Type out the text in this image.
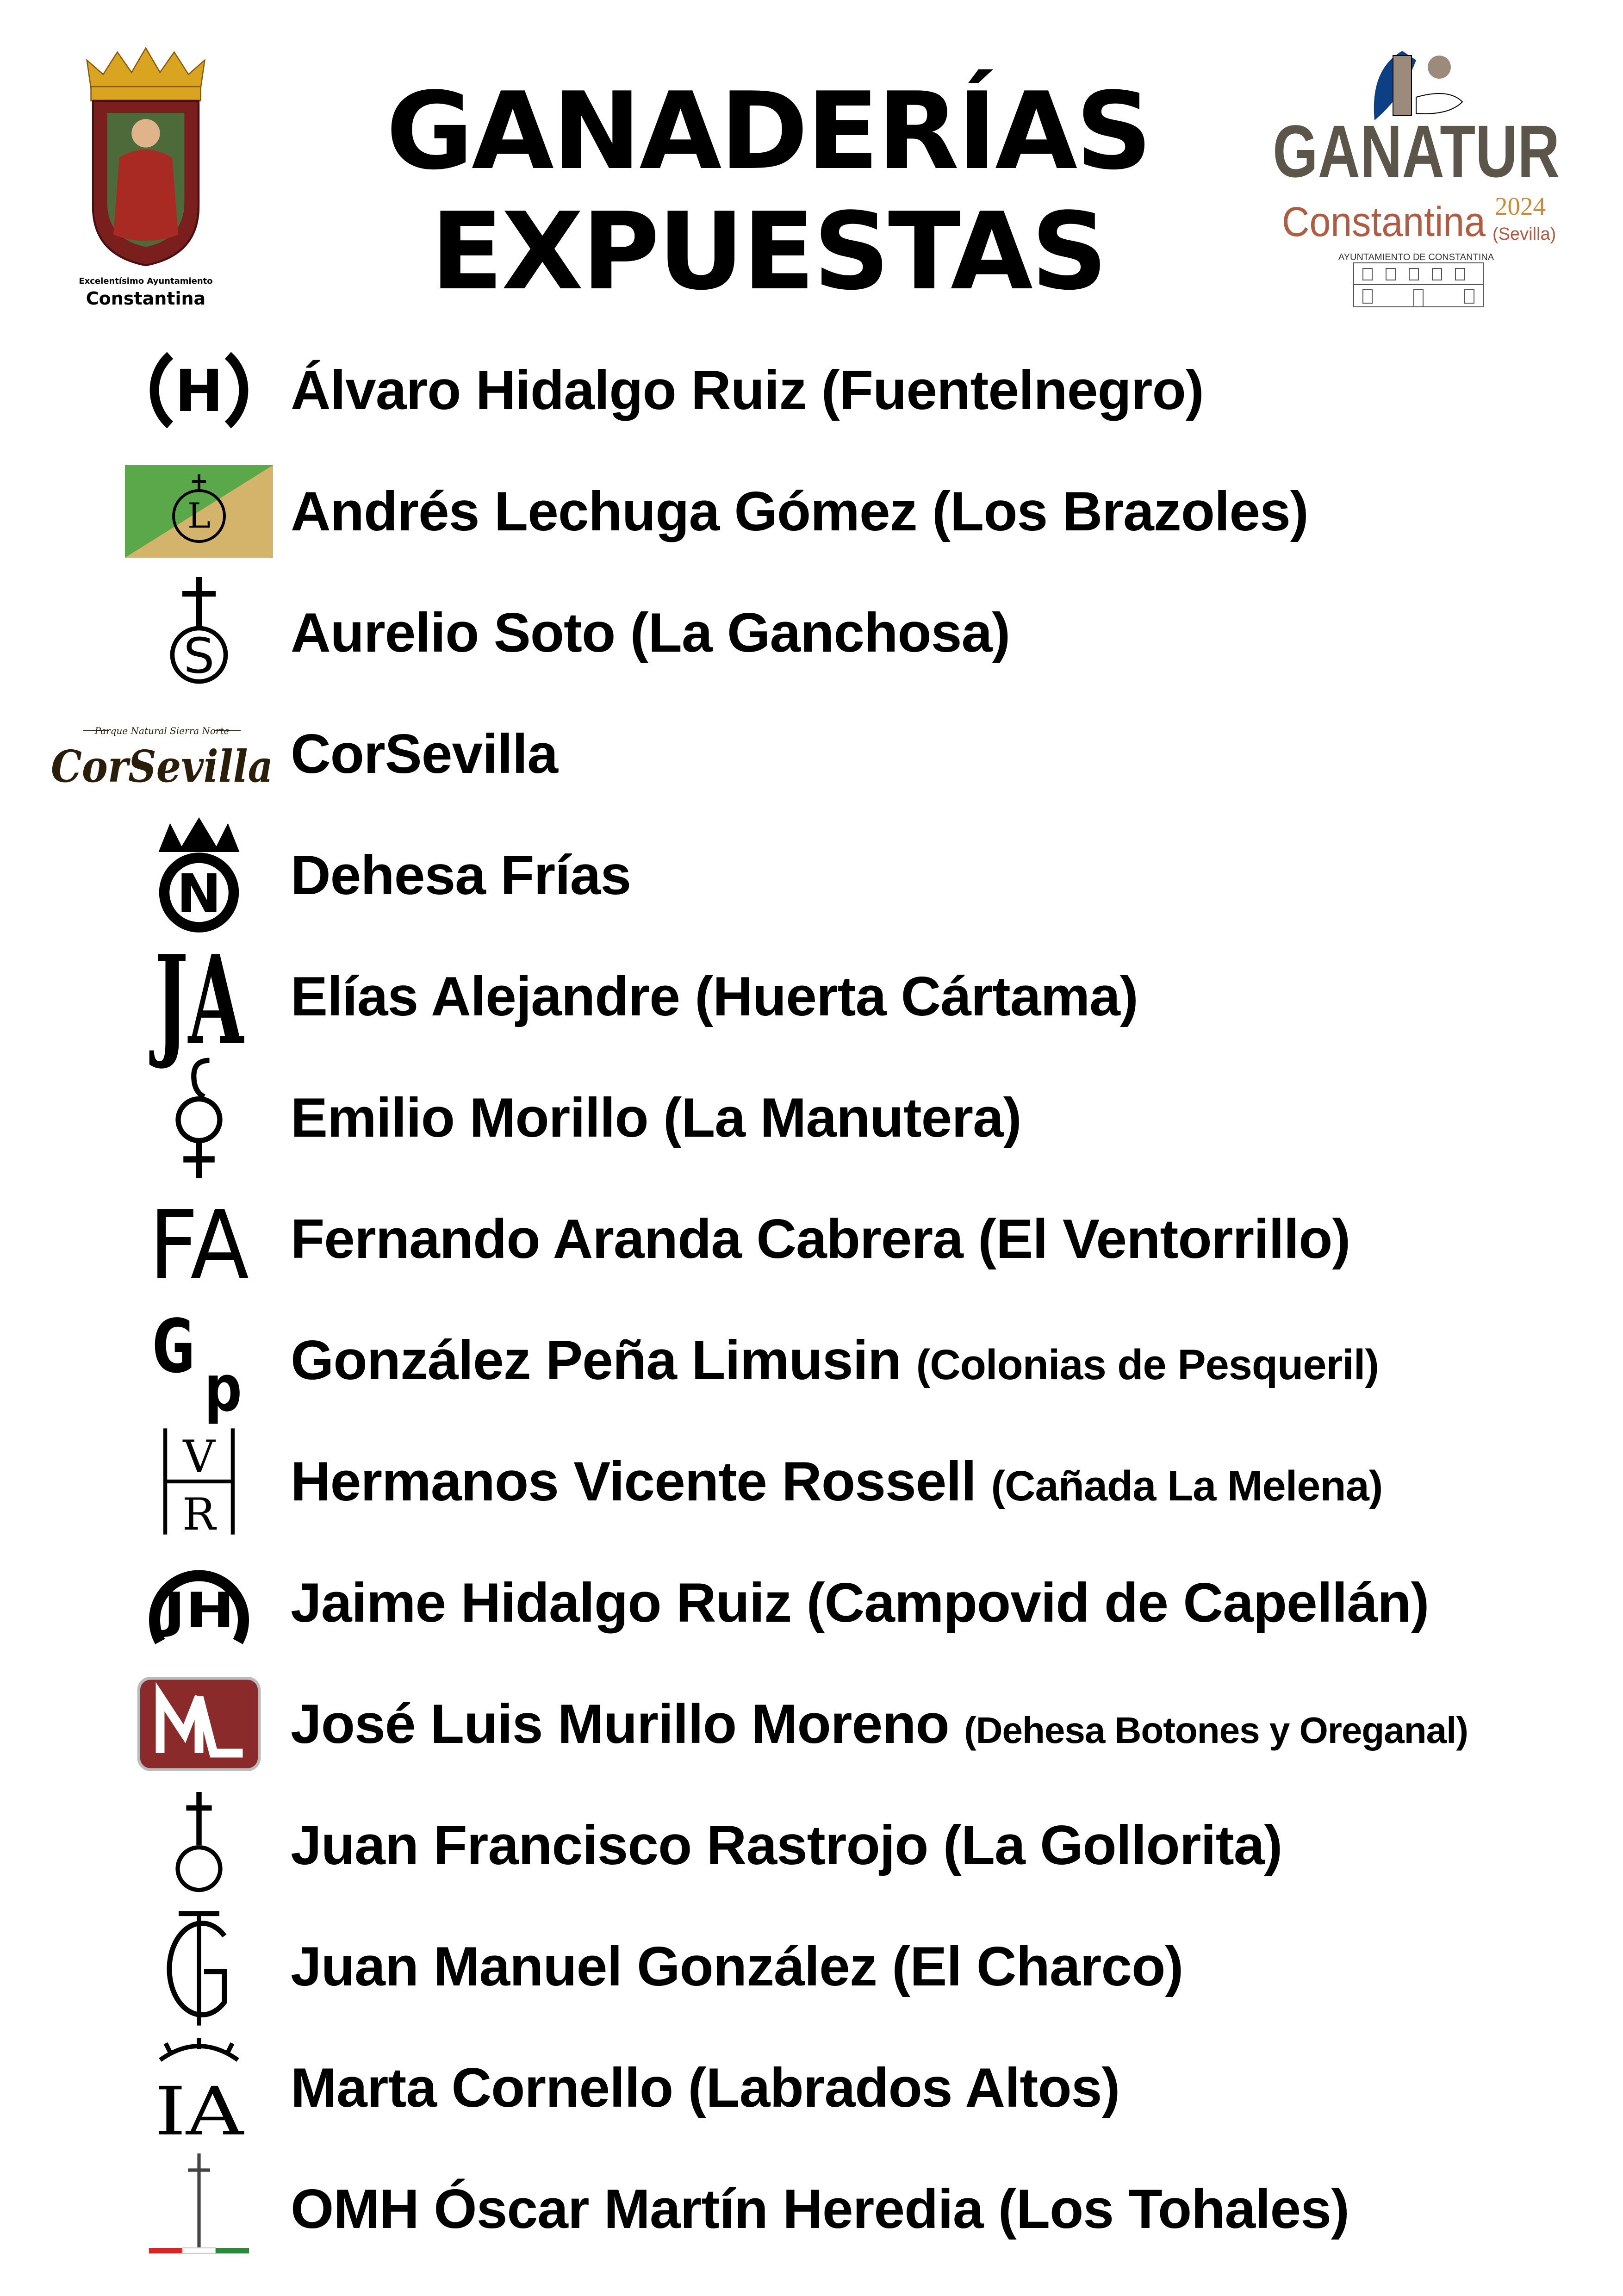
Excelentísimo Ayuntamiento
Constantina
GANADERÍAS
EXPUESTAS
GANATUR
Constantina 2024
(Sevilla)
AYUNTAMIENTO DE CONSTANTINA
H Álvaro Hidalgo Ruiz (Fuentelnegro)
L Andrés Lechuga Gómez (Los Brazoles)
S Aurelio Soto (La Ganchosa)
Parque Natural Sierra Norte
CorSevilla CorSevilla
N Dehesa Frías
JA Elías Alejandre (Huerta Cártama)
Emilio Morillo (La Manutera)
FA Fernando Aranda Cabrera (El Ventorrillo)
G p González Peña Limusin (Colonias de Pesqueril)
V
R
Hermanos Vicente Rossell (Cañada La Melena)
JH Jaime Hidalgo Ruiz (Campovid de Capellán)
José Luis Murillo Moreno (Dehesa Botones y Oreganal)
Juan Francisco Rastrojo (La Gollorita)
Juan Manuel González (El Charco)
IA Marta Cornello (Labrados Altos)
OMH Óscar Martín Heredia (Los Tohales)
